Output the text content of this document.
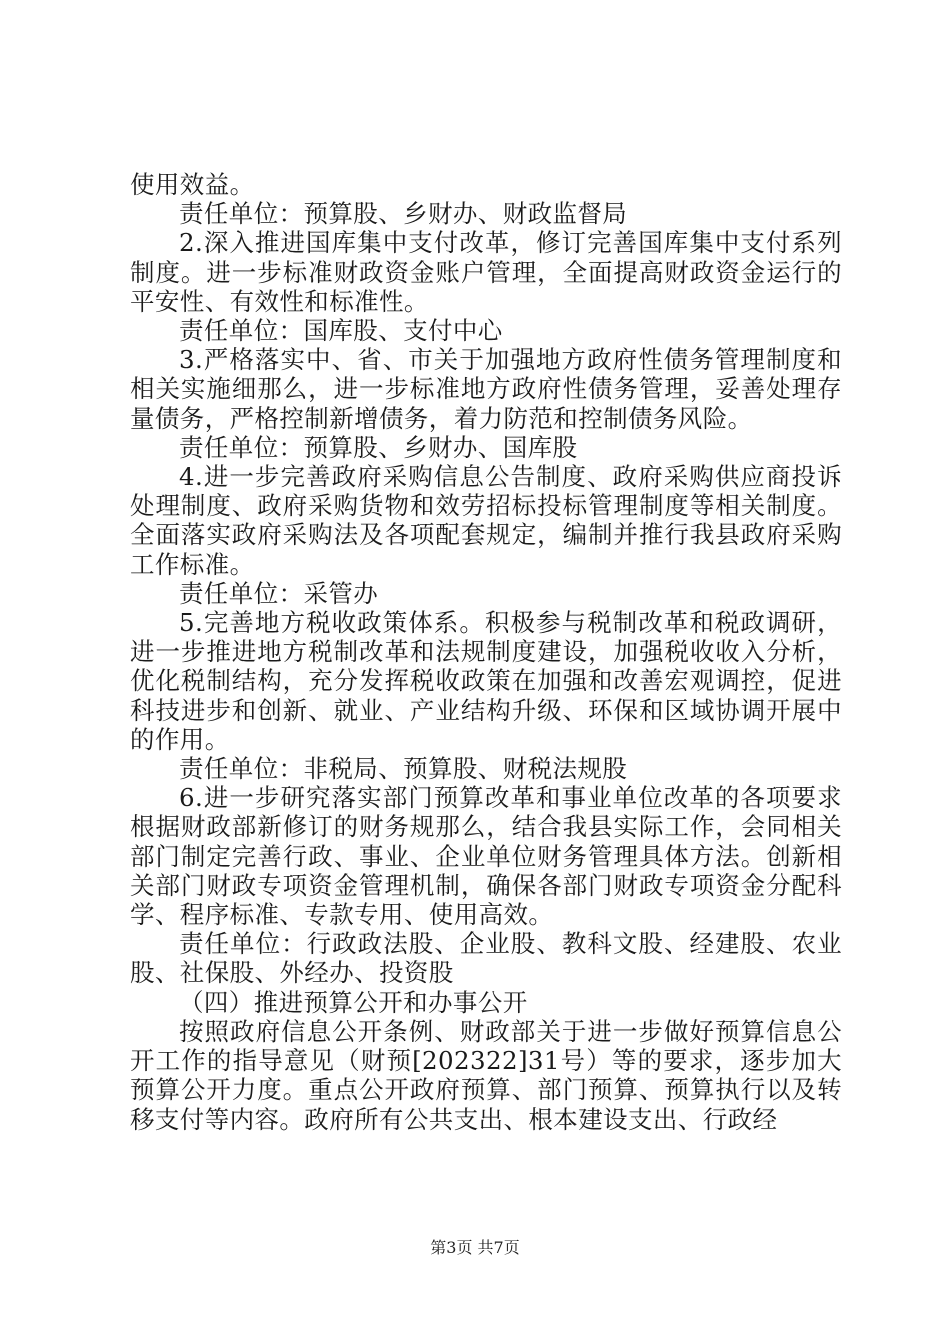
使用效益。

责任单位：预算股、乡财办、财政监督局

2.深入推进国库集中支付改革，修订完善国库集中支付系列制度。进一步标准财政资金账户管理，全面提高财政资金运行的平安性、有效性和标准性。

责任单位：国库股、支付中心

3.严格落实中、省、市关于加强地方政府性债务管理制度和相关实施细那么，进一步标准地方政府性债务管理，妥善处理存量债务，严格控制新增债务，着力防范和控制债务风险。

责任单位：预算股、乡财办、国库股

4.进一步完善政府采购信息公告制度、政府采购供应商投诉处理制度、政府采购货物和效劳招标投标管理制度等相关制度。全面落实政府采购法及各项配套规定，编制并推行我县政府采购工作标准。

责任单位：采管办

5.完善地方税收政策体系。积极参与税制改革和税政调研，进一步推进地方税制改革和法规制度建设，加强税收收入分析，优化税制结构，充分发挥税收政策在加强和改善宏观调控，促进科技进步和创新、就业、产业结构升级、环保和区域协调开展中的作用。

责任单位：非税局、预算股、财税法规股

6.进一步研究落实部门预算改革和事业单位改革的各项要求根据财政部新修订的财务规那么，结合我县实际工作，会同相关部门制定完善行政、事业、企业单位财务管理具体方法。创新相关部门财政专项资金管理机制，确保各部门财政专项资金分配科学、程序标准、专款专用、使用高效。

责任单位：行政政法股、企业股、教科文股、经建股、农业股、社保股、外经办、投资股

（四）推进预算公开和办事公开

按照政府信息公开条例、财政部关于进一步做好预算信息公开工作的指导意见（财预[202322]31号）等的要求，逐步加大预算公开力度。重点公开政府预算、部门预算、预算执行以及转移支付等内容。政府所有公共支出、根本建设支出、行政经

第3页 共7页
